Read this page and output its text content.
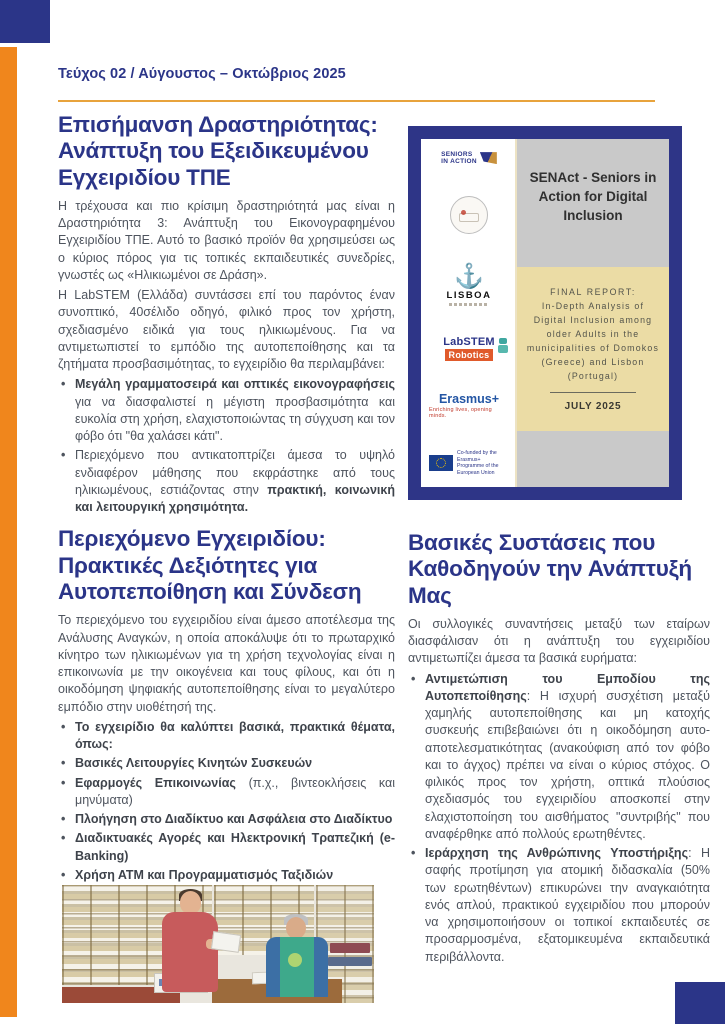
Τεύχος 02 / Αύγουστος – Οκτώβριος 2025
Επισήμανση Δραστηριότητας: Ανάπτυξη του Εξειδικευμένου Εγχειριδίου ΤΠΕ

Η τρέχουσα και πιο κρίσιμη δραστηριότητά μας είναι η Δραστηριότητα 3: Ανάπτυξη του Εικονογραφημένου Εγχειριδίου ΤΠΕ. Αυτό το βασικό προϊόν θα χρησιμεύσει ως ο κύριος πόρος για τις τοπικές εκπαιδευτικές συνεδρίες, γνωστές ως «Ηλικιωμένοι σε Δράση».

Η LabSTEM (Ελλάδα) συντάσσει επί του παρόντος έναν συνοπτικό, 40σέλιδο οδηγό, φιλικό προς τον χρήστη, σχεδιασμένο ειδικά για τους ηλικιωμένους. Για να αντιμετωπιστεί το εμπόδιο της αυτοπεποίθησης και τα ζητήματα προσβασιμότητας, το εγχειρίδιο θα περιλαμβάνει:

• Μεγάλη γραμματοσειρά και οπτικές εικονογραφήσεις για να διασφαλιστεί η μέγιστη προσβασιμότητα και ευκολία στη χρήση, ελαχιστοποιώντας τη σύγχυση και τον φόβο ότι "θα χαλάσει κάτι".
• Περιεχόμενο που αντικατοπτρίζει άμεσα το υψηλό ενδιαφέρον μάθησης που εκφράστηκε από τους ηλικιωμένους, εστιάζοντας στην πρακτική, κοινωνική και λειτουργική χρησιμότητα.
Περιεχόμενο Εγχειριδίου: Πρακτικές Δεξιότητες για Αυτοπεποίθηση και Σύνδεση

Το περιεχόμενο του εγχειριδίου είναι άμεσο αποτέλεσμα της Ανάλυσης Αναγκών, η οποία αποκάλυψε ότι το πρωταρχικό κίνητρο των ηλικιωμένων για τη χρήση τεχνολογίας είναι η επικοινωνία με την οικογένεια και τους φίλους, και ότι η οικοδόμηση ψηφιακής αυτοπεποίθησης είναι το μεγαλύτερο εμπόδιο στην υιοθέτησή της.

• Το εγχειρίδιο θα καλύπτει βασικά, πρακτικά θέματα, όπως:
• Βασικές Λειτουργίες Κινητών Συσκευών
• Εφαρμογές Επικοινωνίας (π.χ., βιντεοκλήσεις και μηνύματα)
• Πλοήγηση στο Διαδίκτυο και Ασφάλεια στο Διαδίκτυο
• Διαδικτυακές Αγορές και Ηλεκτρονική Τραπεζική (e-Banking)
• Χρήση ΑΤΜ και Προγραμματισμός Ταξιδιών
SENIORS
IN ACTION
⚓
LISBOA
LabSTEM
Robotics
Erasmus+
Enriching lives, opening minds.
Co-funded by the Erasmus+ Programme of the European Union
SENAct - Seniors in Action for Digital Inclusion
FINAL REPORT:
In-Depth Analysis of Digital Inclusion among older Adults in the municipalities of Domokos (Greece) and Lisbon (Portugal)
JULY 2025
Βασικές Συστάσεις που Καθοδηγούν την Ανάπτυξή Μας

Οι συλλογικές συναντήσεις μεταξύ των εταίρων διασφάλισαν ότι η ανάπτυξη του εγχειριδίου αντιμετωπίζει άμεσα τα βασικά ευρήματα:

• Αντιμετώπιση του Εμποδίου της Αυτοπεποίθησης: Η ισχυρή συσχέτιση μεταξύ χαμηλής αυτοπεποίθησης και μη κατοχής συσκευής επιβεβαιώνει ότι η οικοδόμηση αυτο-αποτελεσματικότητας (ανακούφιση από τον φόβο και το άγχος) πρέπει να είναι ο κύριος στόχος. Ο φιλικός προς τον χρήστη, οπτικά πλούσιος σχεδιασμός του εγχειριδίου αποσκοπεί στην ελαχιστοποίηση του αισθήματος "συντριβής" που αναφέρθηκε από πολλούς ερωτηθέντες.
• Ιεράρχηση της Ανθρώπινης Υποστήριξης: Η σαφής προτίμηση για ατομική διδασκαλία (50% των ερωτηθέντων) επικυρώνει την αναγκαιότητα ενός απλού, πρακτικού εγχειριδίου που μπορούν να χρησιμοποιήσουν οι τοπικοί εκπαιδευτές σε προσαρμοσμένα, εξατομικευμένα εκπαιδευτικά περιβάλλοντα.
